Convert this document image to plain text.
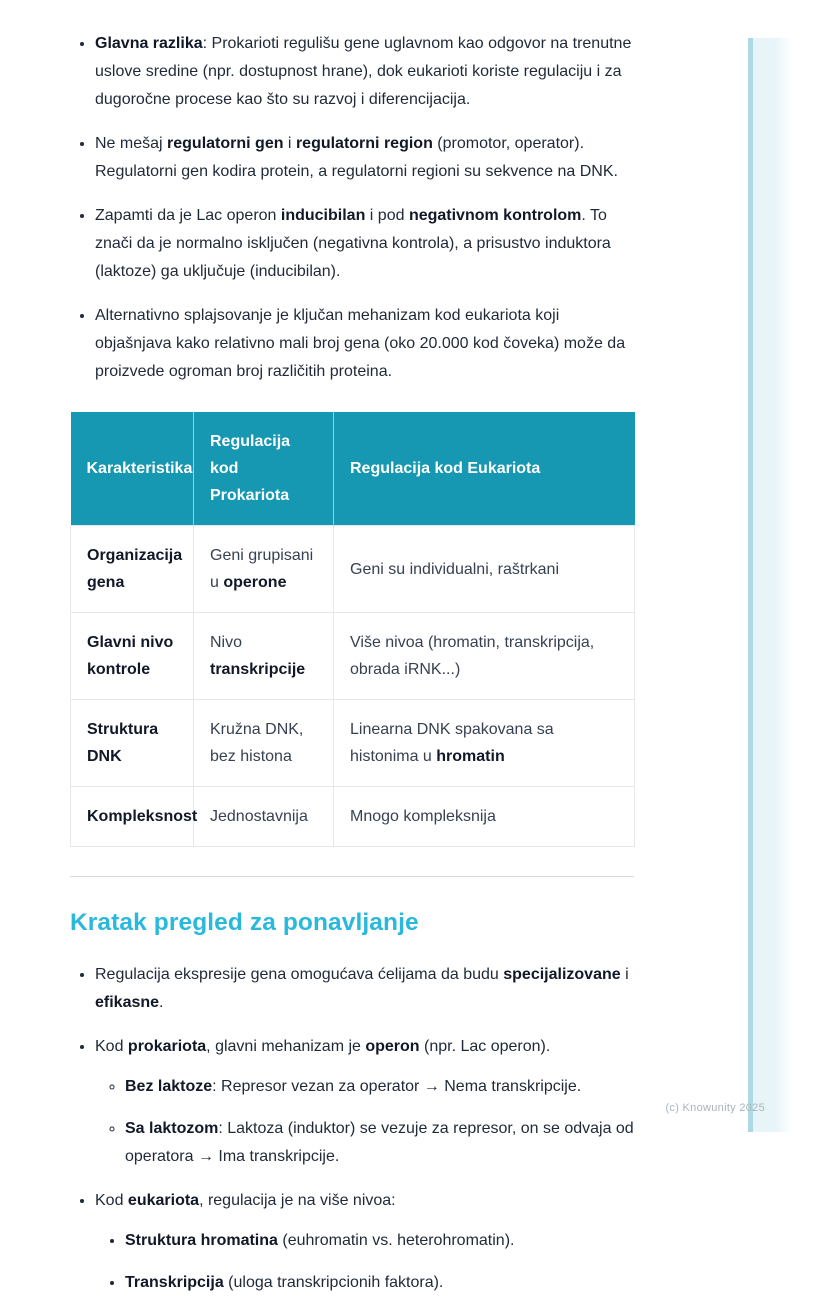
• Glavna razlika: Prokarioti regulišu gene uglavnom kao odgovor na trenutne uslove sredine (npr. dostupnost hrane), dok eukarioti koriste regulaciju i za dugoročne procese kao što su razvoj i diferencijacija.
• Ne mešaj regulatorni gen i regulatorni region (promotor, operator). Regulatorni gen kodira protein, a regulatorni regioni su sekvence na DNK.
• Zapamti da je Lac operon inducibilan i pod negativnom kontrolom. To znači da je normalno isključen (negativna kontrola), a prisustvo induktora (laktoze) ga uključuje (inducibilan).
• Alternativno splajsovanje je ključan mehanizam kod eukariota koji objašnjava kako relativno mali broj gena (oko 20.000 kod čoveka) može da proizvede ogroman broj različitih proteina.
Karakteristika	Regulacija kod Prokariota	Regulacija kod Eukariota
Organizacija gena	Geni grupisani u operone	Geni su individualni, raštrkani
Glavni nivo kontrole	Nivo transkripcije	Više nivoa (hromatin, transkripcija, obrada iRNK...)
Struktura DNK	Kružna DNK, bez histona	Linearna DNK spakovana sa histonima u hromatin
Kompleksnost	Jednostavnija	Mnogo kompleksnija
Kratak pregled za ponavljanje
• Regulacija ekspresije gena omogućava ćelijama da budu specijalizovane i efikasne.
• Kod prokariota, glavni mehanizam je operon (npr. Lac operon).
◦ Bez laktoze: Represor vezan za operator → Nema transkripcije.
◦ Sa laktozom: Laktoza (induktor) se vezuje za represor, on se odvaja od operatora → Ima transkripcije.
• Kod eukariota, regulacija je na više nivoa:
• Struktura hromatina (euhromatin vs. heterohromatin).
• Transkripcija (uloga transkripcionih faktora).
(c) Knowunity 2025
